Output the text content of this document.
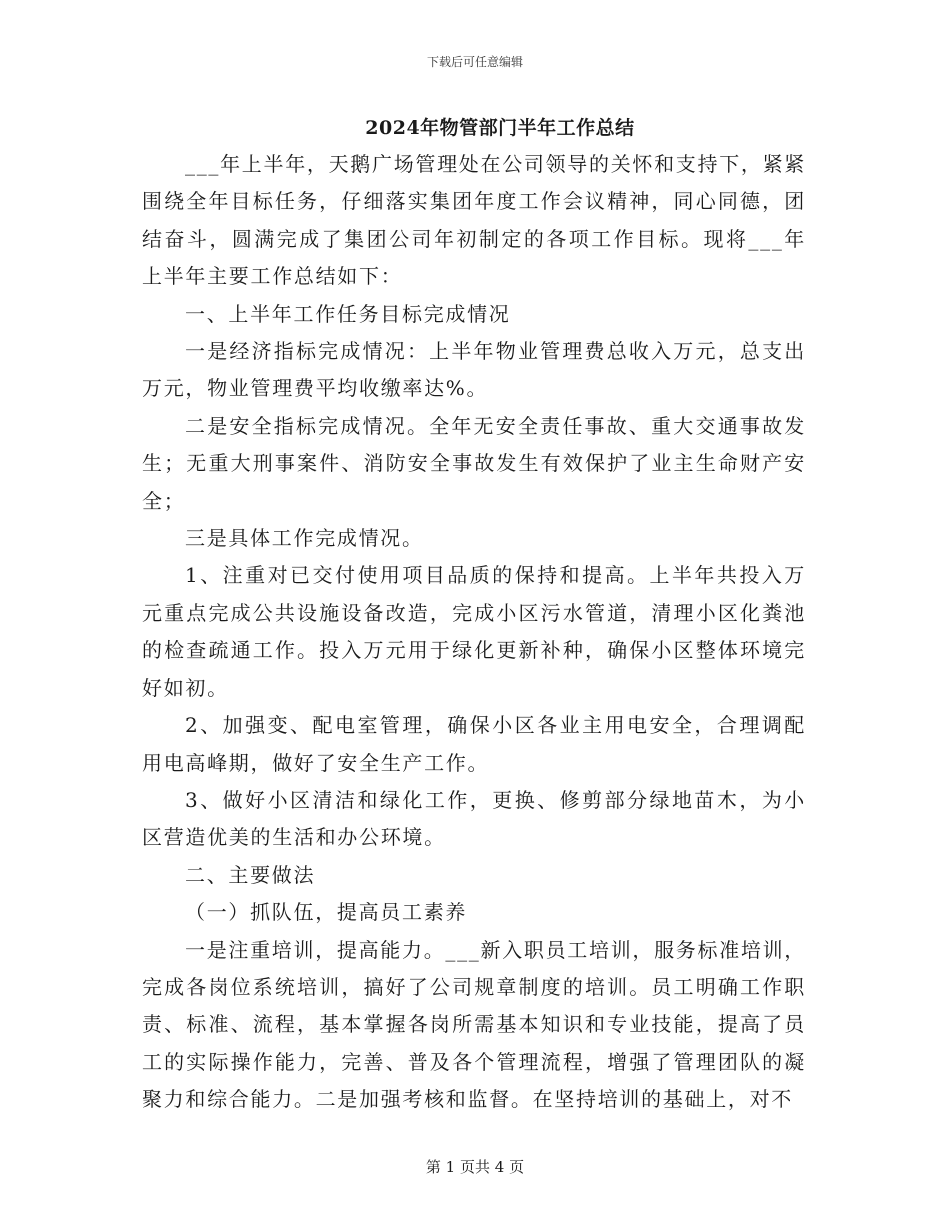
下载后可任意编辑
2024年物管部门半年工作总结

___年上半年，天鹅广场管理处在公司领导的关怀和支持下，紧紧围绕全年目标任务，仔细落实集团年度工作会议精神，同心同德，团结奋斗，圆满完成了集团公司年初制定的各项工作目标。现将___年上半年主要工作总结如下：

一、上半年工作任务目标完成情况

一是经济指标完成情况：上半年物业管理费总收入万元，总支出万元，物业管理费平均收缴率达%。

二是安全指标完成情况。全年无安全责任事故、重大交通事故发生；无重大刑事案件、消防安全事故发生有效保护了业主生命财产安全；

三是具体工作完成情况。

1、注重对已交付使用项目品质的保持和提高。上半年共投入万元重点完成公共设施设备改造，完成小区污水管道，清理小区化粪池的检查疏通工作。投入万元用于绿化更新补种，确保小区整体环境完好如初。

2、加强变、配电室管理，确保小区各业主用电安全，合理调配用电高峰期，做好了安全生产工作。

3、做好小区清洁和绿化工作，更换、修剪部分绿地苗木，为小区营造优美的生活和办公环境。

二、主要做法

（一）抓队伍，提高员工素养

一是注重培训，提高能力。___新入职员工培训，服务标准培训，完成各岗位系统培训，搞好了公司规章制度的培训。员工明确工作职责、标准、流程，基本掌握各岗所需基本知识和专业技能，提高了员工的实际操作能力，完善、普及各个管理流程，增强了管理团队的凝聚力和综合能力。二是加强考核和监督。在坚持培训的基础上，对不

第 1 页共 4 页
